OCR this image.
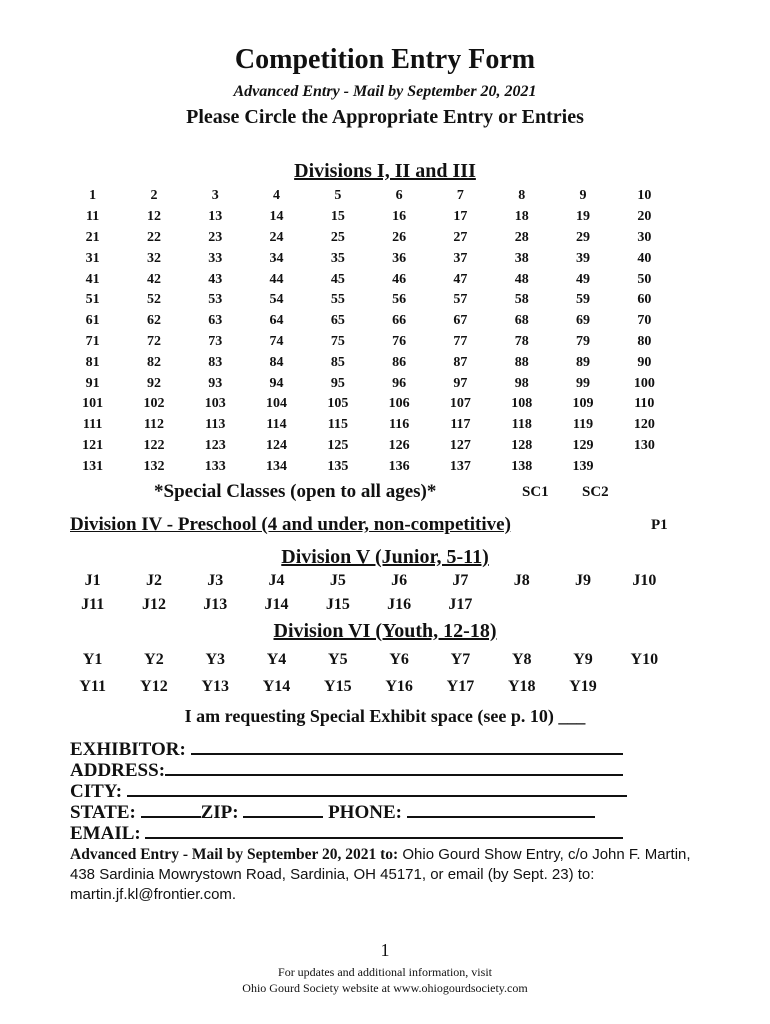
Competition Entry Form
Advanced Entry - Mail by September 20, 2021
Please Circle the Appropriate Entry or Entries
Divisions I, II and III
1	2	3	4	5	6	7	8	9	10
11	12	13	14	15	16	17	18	19	20
21	22	23	24	25	26	27	28	29	30
31	32	33	34	35	36	37	38	39	40
41	42	43	44	45	46	47	48	49	50
51	52	53	54	55	56	57	58	59	60
61	62	63	64	65	66	67	68	69	70
71	72	73	74	75	76	77	78	79	80
81	82	83	84	85	86	87	88	89	90
91	92	93	94	95	96	97	98	99	100
101	102	103	104	105	106	107	108	109	110
111	112	113	114	115	116	117	118	119	120
121	122	123	124	125	126	127	128	129	130
131	132	133	134	135	136	137	138	139
*Special Classes (open to all ages)*	SC1 SC2
Division IV - Preschool (4 and under, non-competitive)	P1
Division V (Junior, 5-11)
J1	J2	J3	J4	J5	J6	J7	J8	J9	J10
J11	J12	J13	J14	J15	J16	J17
Division VI (Youth, 12-18)
Y1	Y2	Y3	Y4	Y5	Y6	Y7	Y8	Y9	Y10
Y11	Y12	Y13	Y14	Y15	Y16	Y17	Y18	Y19
I am requesting Special Exhibit space (see p. 10) ___
EXHIBITOR:
ADDRESS:
CITY:
STATE:	ZIP:	PHONE:
EMAIL:
Advanced Entry - Mail by September 20, 2021 to: Ohio Gourd Show Entry, c/o John F. Martin, 438 Sardinia Mowrystown Road, Sardinia, OH 45171, or email (by Sept. 23) to: martin.jf.kl@frontier.com.
1
For updates and additional information, visit
Ohio Gourd Society website at www.ohiogourdsociety.com
